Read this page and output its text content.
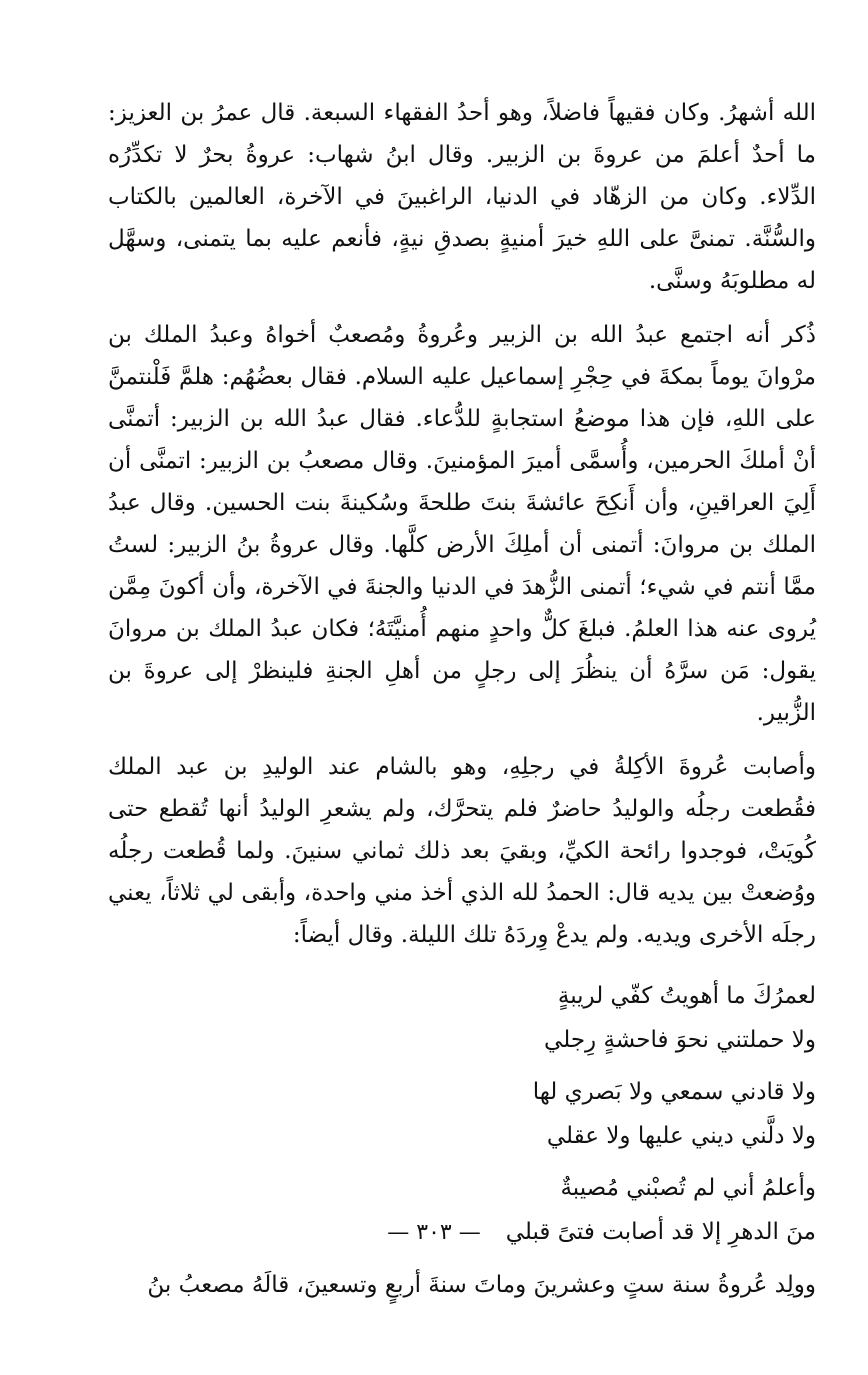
الله أشهرُ. وكان فقيهاً فاضلاً، وهو أحدُ الفقهاء السبعة. قال عمرُ بن العزيز: ما أحدٌ أعلمَ من عروةَ بن الزبير. وقال ابنُ شهاب: عروةُ بحرٌ لا تكدِّرُه الدِّلاء. وكان من الزهّاد في الدنيا، الراغبينَ في الآخرة، العالمين بالكتاب والسُّنَّة. تمنىَّ على اللهِ خيرَ أمنيةٍ بصدقِ نيةٍ، فأنعم عليه بما يتمنى، وسهَّل له مطلوبَهُ وسنَّى.

ذُكر أنه اجتمع عبدُ الله بن الزبير وعُروةُ ومُصعبٌ أخواهُ وعبدُ الملك بن مرْوانَ يوماً بمكةَ في حِجْرِ إسماعيل عليه السلام. فقال بعضُهُم: هلمَّ فَلْنتمنَّ على اللهِ، فإن هذا موضعُ استجابةٍ للدُّعاء. فقال عبدُ الله بن الزبير: أتمنَّى أنْ أملكَ الحرمين، وأُسمَّى أميرَ المؤمنينَ. وقال مصعبُ بن الزبير: اتمنَّى أن أَلِيَ العراقينِ، وأن أَنكِحَ عائشةَ بنتَ طلحةَ وسُكينةَ بنت الحسين. وقال عبدُ الملك بن مروانَ: أتمنى أن أملِكَ الأرض كلَّها. وقال عروةُ بنُ الزبير: لستُ ممَّا أنتم في شيء؛ أتمنى الزُّهدَ في الدنيا والجنةَ في الآخرة، وأن أكونَ مِمَّن يُروى عنه هذا العلمُ. فبلغَ كلٌّ واحدٍ منهم أُمنيَّتَهُ؛ فكان عبدُ الملك بن مروانَ يقول: مَن سرَّهُ أن ينظُرَ إلى رجلٍ من أهلِ الجنةِ فلينظرْ إلى عروةَ بن الزُّبير.

وأصابت عُروةَ الأكِلةُ في رجلِهِ، وهو بالشام عند الوليدِ بن عبد الملك فقُطعت رجلُه والوليدُ حاضرٌ فلم يتحرَّك، ولم يشعرِ الوليدُ أنها تُقطع حتى كُويَتْ، فوجدوا رائحة الكيِّ، وبقيَ بعد ذلك ثماني سنينَ. ولما قُطعت رجلُه ووُضعتْ بين يديه قال: الحمدُ لله الذي أخذ مني واحدة، وأبقى لي ثلاثاً، يعني رجلَه الأخرى ويديه. ولم يدعْ وِردَهُ تلك الليلة. وقال أيضاً:

لعمرُكَ ما أهويتُ كفّي لريبةٍ
ولا حملتني نحوَ فاحشةٍ رِجلي
ولا قادني سمعي ولا بَصري لها
ولا دلَّني ديني عليها ولا عقلي
وأعلمُ أني لم تُصبْني مُصيبةٌ
منَ الدهرِ إلا قد أصابت فتىً قبلي

وولِد عُروةُ سنة ستٍ وعشرينَ وماتَ سنةَ أربعٍ وتسعينَ، قالَهُ مصعبُ بنُ

— ٣٠٣ —
